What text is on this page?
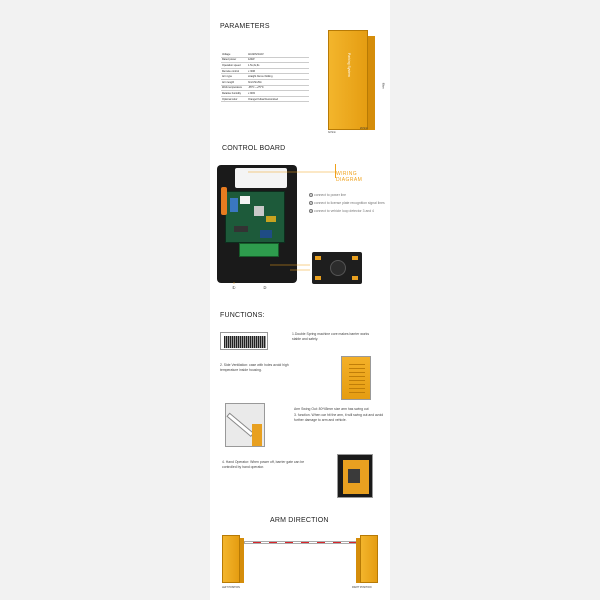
PARAMETERS
Voltage	AC220V/110V
Rated power	120W
Operation speed	1.5s,3s,6s
Remote control	≤ 30M
Arm type	straight /fence /folding
Arm length	3m/4.5m/6m
Work temperature	-35°C ~+75°C
Relative humidity	≤ 90%
Optional color	Orange/Yellow/Customized
Parking System
32.5cm
26.5cm
98cm
CONTROL BOARD
①	②
WIRING
DIAGRAM
1 connect to power line
2 connect to license plate recognition signal lines
3 connect to vehicle loop detector 3 and 4
FUNCTIONS:
1.Double Spring machine core makes barrier works stable and safely.
2. Side Ventilation: case with holes avoid high temperature inside housing.
Arm Swing Out: 80*45mm size arm has swing out
3. function. When car hit the arm, it will swing out and avoid further damage to arm and vehicle.
4. Hand Operator: When power off, barrier gate can be controlled by hand operator.
ARM DIRECTION
LEFT POSITION	RIGHT POSITION
